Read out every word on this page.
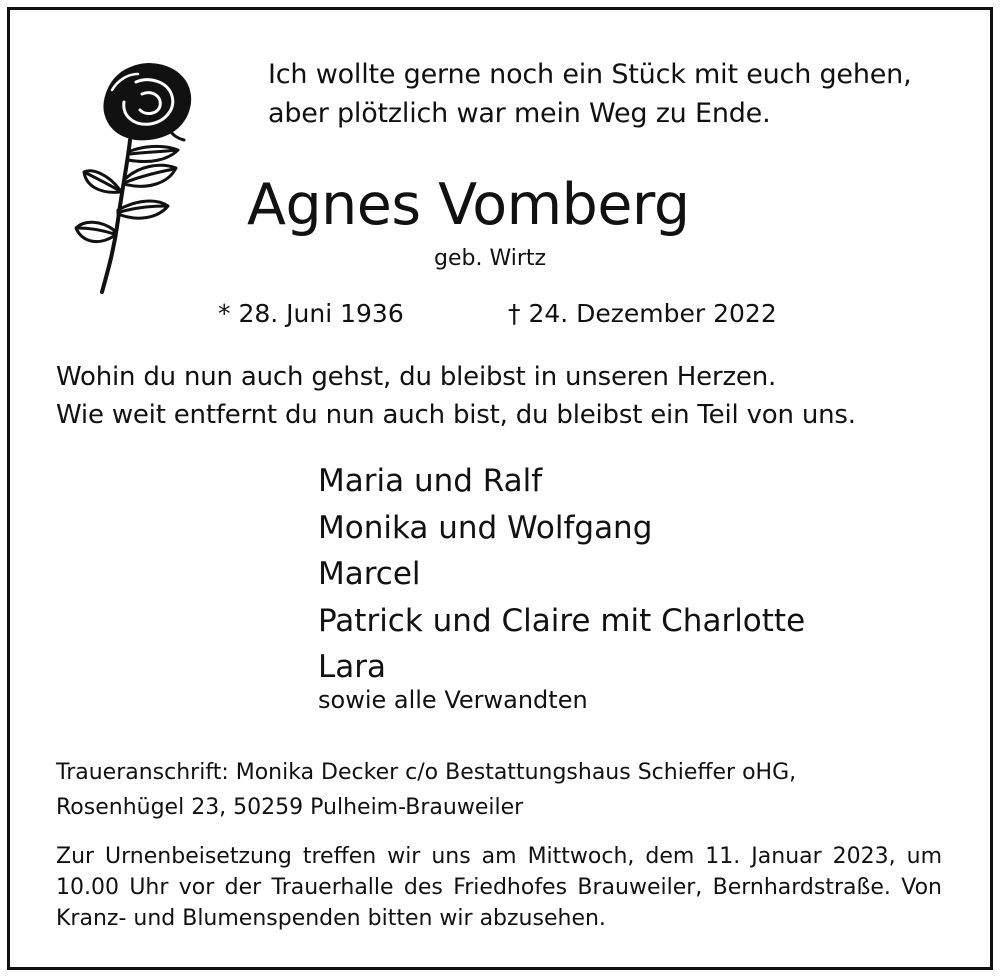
Ich wollte gerne noch ein Stück mit euch gehen,
aber plötzlich war mein Weg zu Ende.
Agnes Vomberg
geb. Wirtz
* 28. Juni 1936	† 24. Dezember 2022
Wohin du nun auch gehst, du bleibst in unseren Herzen.
Wie weit entfernt du nun auch bist, du bleibst ein Teil von uns.
Maria und Ralf
Monika und Wolfgang
Marcel
Patrick und Claire mit Charlotte
Lara
sowie alle Verwandten
Traueranschrift: Monika Decker c/o Bestattungshaus Schieffer oHG,
Rosenhügel 23, 50259 Pulheim-Brauweiler
Zur Urnenbeisetzung treffen wir uns am Mittwoch, dem 11. Januar 2023, um 10.00 Uhr vor der Trauerhalle des Friedhofes Brauweiler, Bernhardstraße. Von Kranz- und Blumenspenden bitten wir abzusehen.
